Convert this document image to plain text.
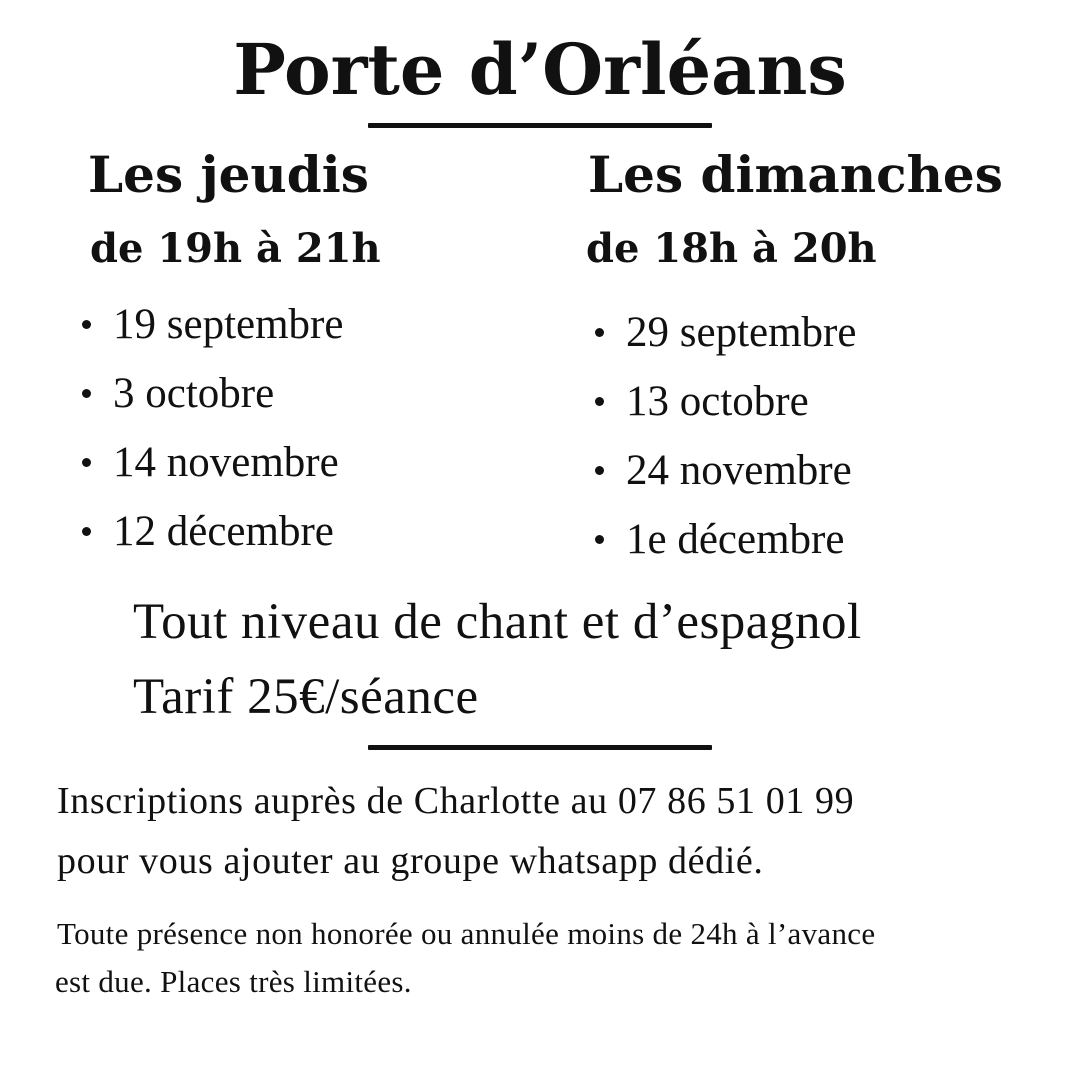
Porte d’Orléans
Les jeudis
de 19h à 21h
19 septembre
3 octobre
14 novembre
12 décembre
Les dimanches
de 18h à 20h
29 septembre
13 octobre
24 novembre
1e décembre
Tout niveau de chant et d’espagnol
Tarif 25€/séance
Inscriptions auprès de Charlotte au 07 86 51 01 99
pour vous ajouter au groupe whatsapp dédié.
Toute présence non honorée ou annulée moins de 24h à l’avance
est due. Places très limitées.
